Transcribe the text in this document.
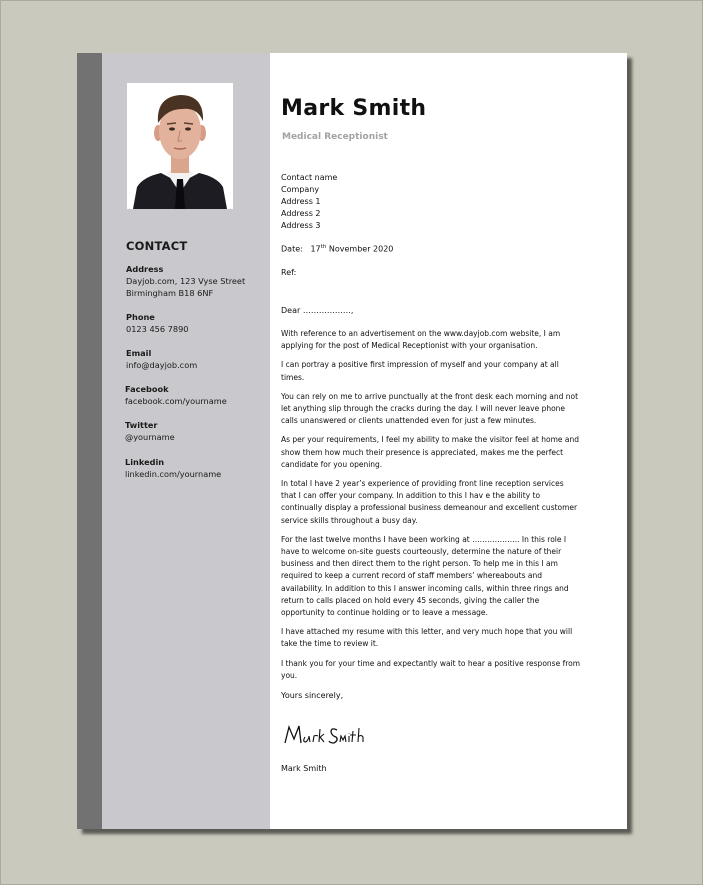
CONTACT
Address
Dayjob.com, 123 Vyse Street
Birmingham B18 6NF
Phone
0123 456 7890
Email
info@dayjob.com
Facebook
facebook.com/yourname
Twitter
@yourname
Linkedin
linkedin.com/yourname
Mark Smith
Medical Receptionist
Contact name
Company
Address 1
Address 2
Address 3
Date: 17th November 2020
Ref:
Dear ………………,

With reference to an advertisement on the www.dayjob.com website, I am applying for the post of Medical Receptionist with your organisation.

I can portray a positive first impression of myself and your company at all times.

You can rely on me to arrive punctually at the front desk each morning and not let anything slip through the cracks during the day. I will never leave phone calls unanswered or clients unattended even for just a few minutes.

As per your requirements, I feel my ability to make the visitor feel at home and show them how much their presence is appreciated, makes me the perfect candidate for you opening.

In total I have 2 year’s experience of providing front line reception services that I can offer your company. In addition to this I hav e the ability to continually display a professional business demeanour and excellent customer service skills throughout a busy day.

For the last twelve months I have been working at ………………. In this role I have to welcome on-site guests courteously, determine the nature of their business and then direct them to the right person. To help me in this I am required to keep a current record of staff members’ whereabouts and availability. In addition to this I answer incoming calls, within three rings and return to calls placed on hold every 45 seconds, giving the caller the opportunity to continue holding or to leave a message.

I have attached my resume with this letter, and very much hope that you will take the time to review it.

I thank you for your time and expectantly wait to hear a positive response from you.

Yours sincerely,
Mark Smith
